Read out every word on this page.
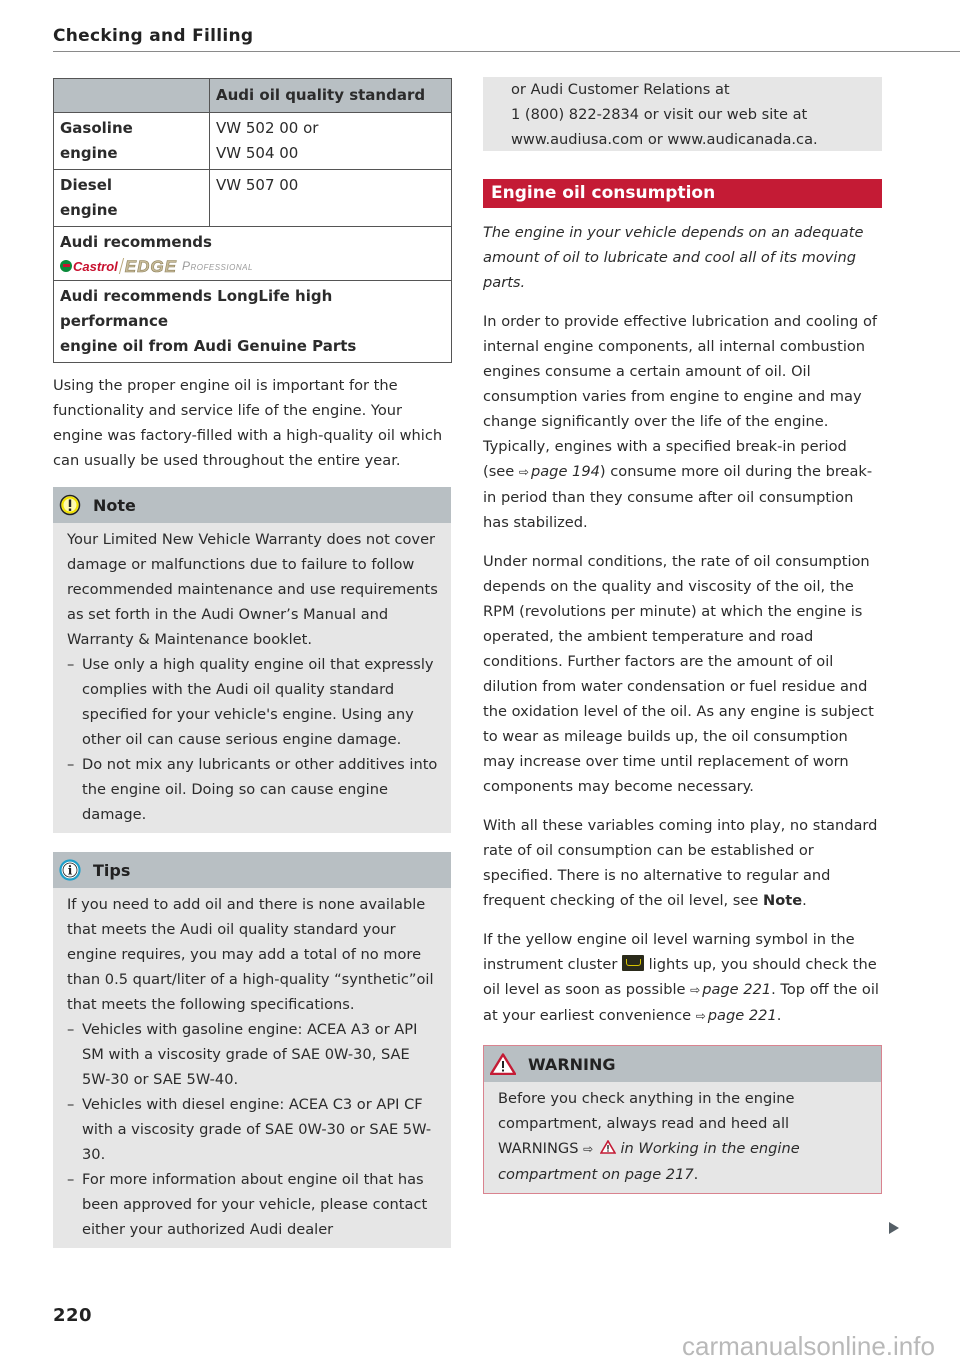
Checking and Filling
	Audi oil quality standard
Gasoline
engine	VW 502 00 or
VW 504 00
Diesel
engine	VW 507 00

Audi recommends
Castrol EDGE Professional	

Audi recommends LongLife high performance
engine oil from Audi Genuine Parts	

Using the proper engine oil is important for the functionality and service life of the engine. Your engine was factory-filled with a high-quality oil which can usually be used throughout the entire year.

Note
Your Limited New Vehicle Warranty does not cover damage or malfunctions due to failure to follow recommended maintenance and use requirements as set forth in the Audi Owner’s Manual and Warranty & Maintenance booklet.
– Use only a high quality engine oil that expressly complies with the Audi oil quality standard specified for your vehicle's engine. Using any other oil can cause serious engine damage.
– Do not mix any lubricants or other additives into the engine oil. Doing so can cause engine damage.
i Tips
If you need to add oil and there is none available that meets the Audi oil quality standard your engine requires, you may add a total of no more than 0.5 quart/liter of a high-quality “synthetic”oil that meets the following specifications.
– Vehicles with gasoline engine: ACEA A3 or API SM with a viscosity grade of SAE 0W-30, SAE 5W-30 or SAE 5W-40.
– Vehicles with diesel engine: ACEA C3 or API CF with a viscosity grade of SAE 0W-30 or SAE 5W-30.
– For more information about engine oil that has been approved for your vehicle, please contact either your authorized Audi dealer
or Audi Customer Relations at
1 (800) 822-2834 or visit our web site at
www.audiusa.com or www.audicanada.ca.
Engine oil consumption

The engine in your vehicle depends on an adequate amount of oil to lubricate and cool all of its moving parts.

In order to provide effective lubrication and cooling of internal engine components, all internal combustion engines consume a certain amount of oil. Oil consumption varies from engine to engine and may change significantly over the life of the engine. Typically, engines with a specified break-in period (see ⇨ page 194) consume more oil during the break-in period than they consume after oil consumption has stabilized.

Under normal conditions, the rate of oil consumption depends on the quality and viscosity of the oil, the RPM (revolutions per minute) at which the engine is operated, the ambient temperature and road conditions. Further factors are the amount of oil dilution from water condensation or fuel residue and the oxidation level of the oil. As any engine is subject to wear as mileage builds up, the oil consumption may increase over time until replacement of worn components may become necessary.

With all these variables coming into play, no standard rate of oil consumption can be established or specified. There is no alternative to regular and frequent checking of the oil level, see Note.

If the yellow engine oil level warning symbol in the instrument cluster  lights up, you should check the oil level as soon as possible ⇨ page 221. Top off the oil at your earliest convenience ⇨ page 221.

WARNING
Before you check anything in the engine compartment, always read and heed all WARNINGS ⇨ in Working in the engine compartment on page 217.
220
carmanualsonline.info
